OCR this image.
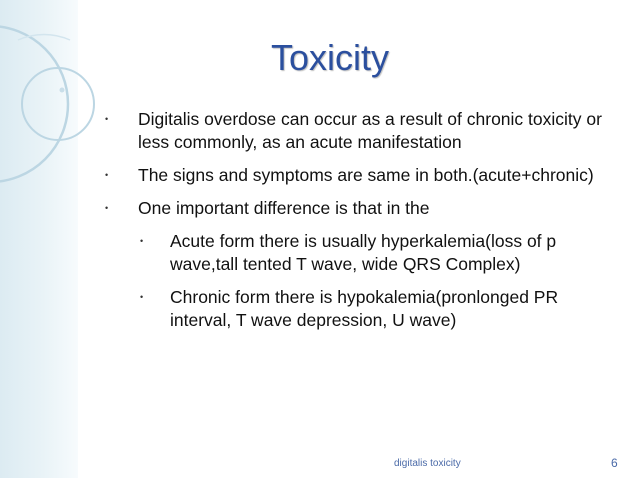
Toxicity
• Digitalis overdose can occur as a result of chronic toxicity or less commonly, as an acute manifestation
• The signs and symptoms are same in both.(acute+chronic)
• One important difference is that in the
• Acute form there is usually hyperkalemia(loss of p wave,tall tented T wave, wide QRS Complex)
• Chronic form there is hypokalemia(pronlonged PR interval, T wave depression, U wave)
digitalis toxicity	6
